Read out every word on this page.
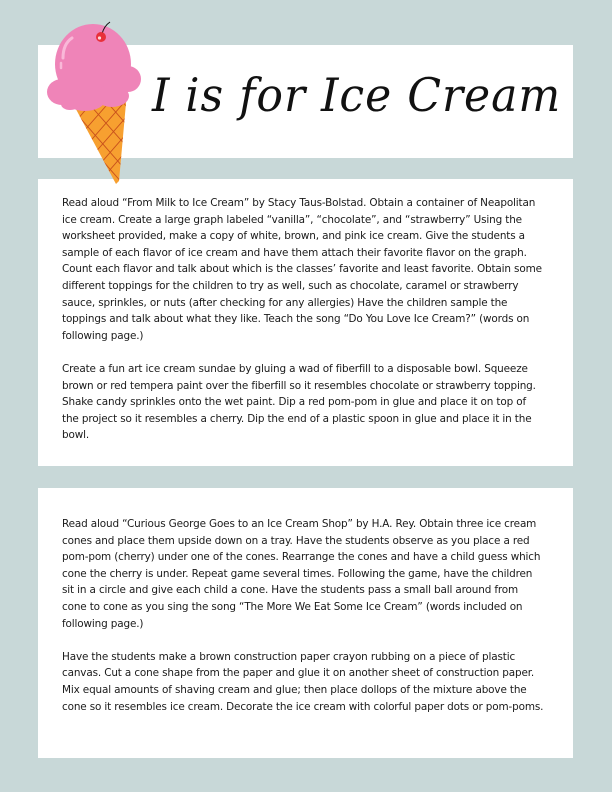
I is for Ice Cream

Read aloud “From Milk to Ice Cream” by Stacy Taus-Bolstad. Obtain a container of Neapolitan ice cream. Create a large graph labeled “vanilla”, “chocolate”, and “strawberry” Using the worksheet provided, make a copy of white, brown, and pink ice cream. Give the students a sample of each flavor of ice cream and have them attach their favorite flavor on the graph. Count each flavor and talk about which is the classes’ favorite and least favorite. Obtain some different toppings for the children to try as well, such as chocolate, caramel or strawberry sauce, sprinkles, or nuts (after checking for any allergies) Have the children sample the toppings and talk about what they like. Teach the song “Do You Love Ice Cream?” (words on following page.)

Create a fun art ice cream sundae by gluing a wad of fiberfill to a disposable bowl. Squeeze brown or red tempera paint over the fiberfill so it resembles chocolate or strawberry topping. Shake candy sprinkles onto the wet paint. Dip a red pom-pom in glue and place it on top of the project so it resembles a cherry. Dip the end of a plastic spoon in glue and place it in the bowl.

Read aloud “Curious George Goes to an Ice Cream Shop” by H.A. Rey. Obtain three ice cream cones and place them upside down on a tray. Have the students observe as you place a red pom-pom (cherry) under one of the cones. Rearrange the cones and have a child guess which cone the cherry is under. Repeat game several times. Following the game, have the children sit in a circle and give each child a cone. Have the students pass a small ball around from cone to cone as you sing the song “The More We Eat Some Ice Cream” (words included on following page.)

Have the students make a brown construction paper crayon rubbing on a piece of plastic canvas. Cut a cone shape from the paper and glue it on another sheet of construction paper. Mix equal amounts of shaving cream and glue; then place dollops of the mixture above the cone so it resembles ice cream. Decorate the ice cream with colorful paper dots or pom-poms.
